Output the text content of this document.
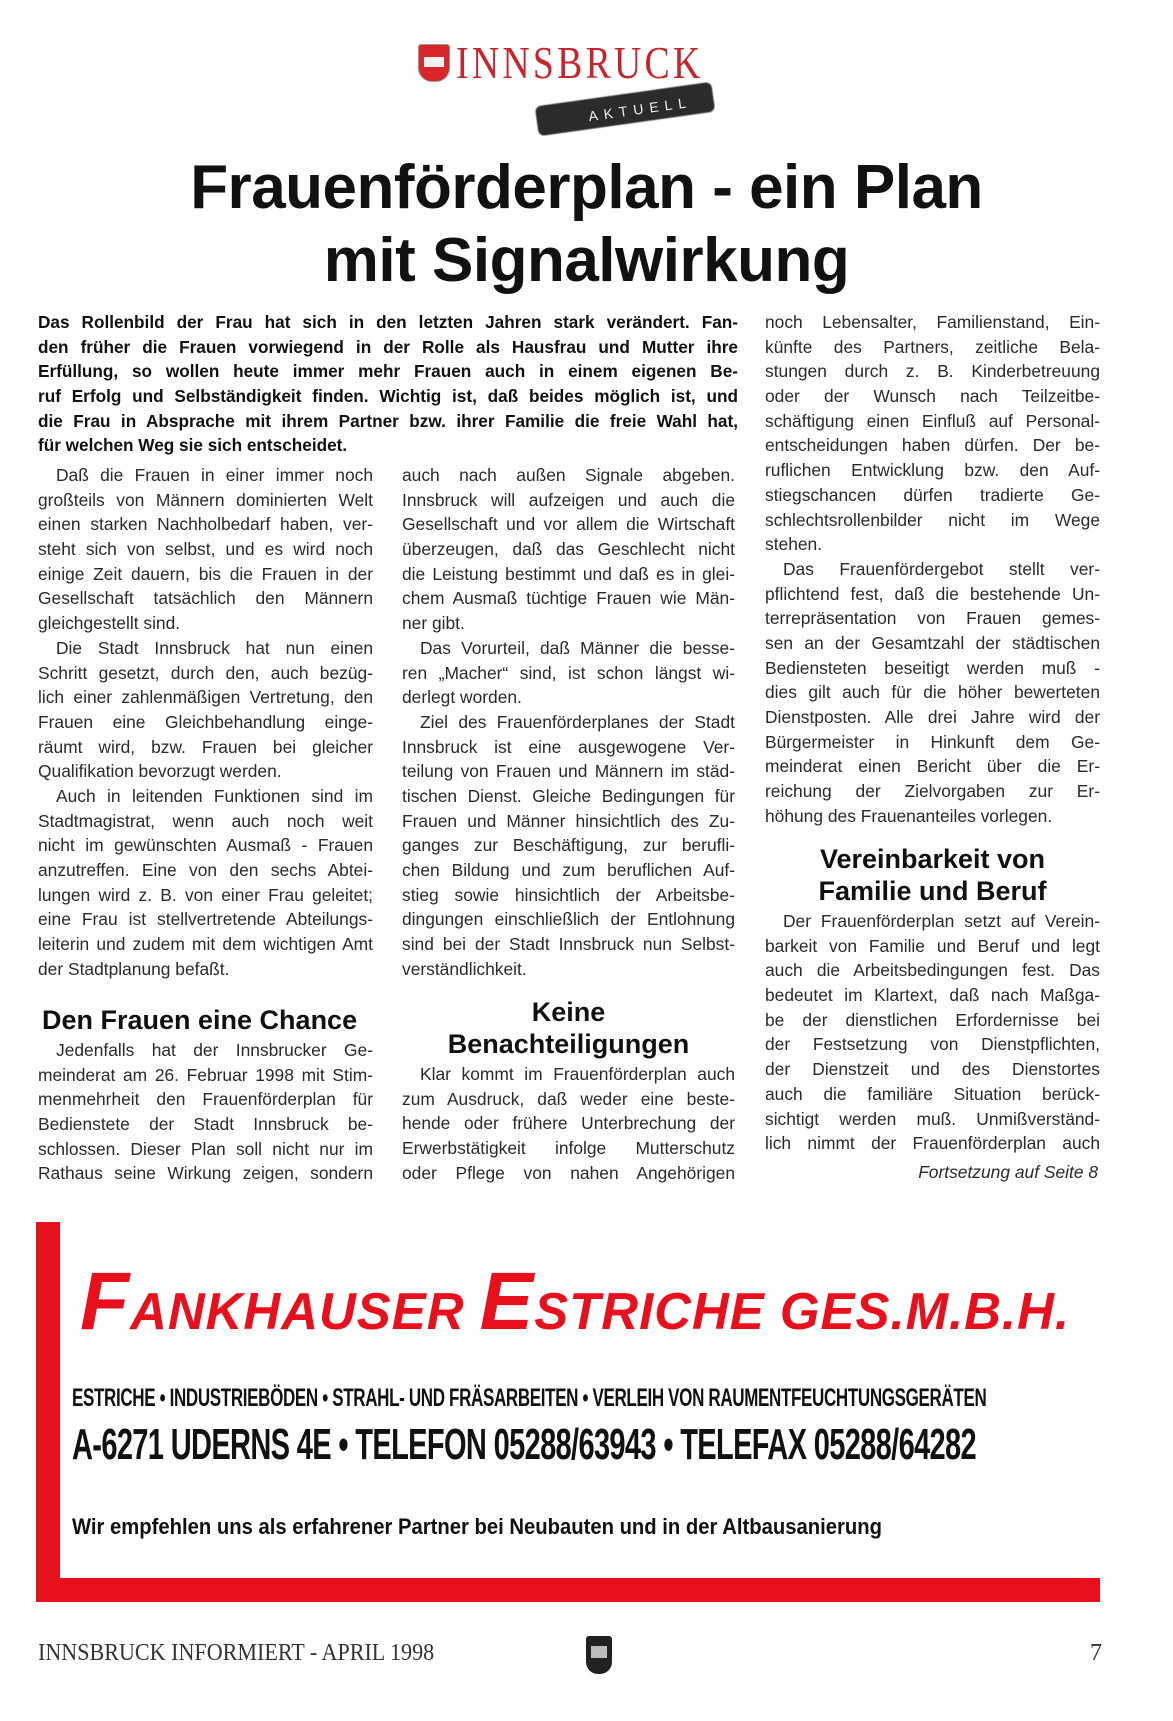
INNSBRUCK
AKTUELL
Frauenförderplan - ein Plan
mit Signalwirkung
Das Rollenbild der Frau hat sich in den letzten Jahren stark verändert. Fan-
den früher die Frauen vorwiegend in der Rolle als Hausfrau und Mutter ihre
Erfüllung, so wollen heute immer mehr Frauen auch in einem eigenen Be-
ruf Erfolg und Selbständigkeit finden. Wichtig ist, daß beides möglich ist, und
die Frau in Absprache mit ihrem Partner bzw. ihrer Familie die freie Wahl hat,
für welchen Weg sie sich entscheidet.
Daß die Frauen in einer immer noch
großteils von Männern dominierten Welt
einen starken Nachholbedarf haben, ver-
steht sich von selbst, und es wird noch
einige Zeit dauern, bis die Frauen in der
Gesellschaft tatsächlich den Männern
gleichgestellt sind.
Die Stadt Innsbruck hat nun einen
Schritt gesetzt, durch den, auch bezüg-
lich einer zahlenmäßigen Vertretung, den
Frauen eine Gleichbehandlung einge-
räumt wird, bzw. Frauen bei gleicher
Qualifikation bevorzugt werden.
Auch in leitenden Funktionen sind im
Stadtmagistrat, wenn auch noch weit
nicht im gewünschten Ausmaß - Frauen
anzutreffen. Eine von den sechs Abtei-
lungen wird z. B. von einer Frau geleitet;
eine Frau ist stellvertretende Abteilungs-
leiterin und zudem mit dem wichtigen Amt
der Stadtplanung befaßt.
Den Frauen eine Chance
Jedenfalls hat der Innsbrucker Ge-
meinderat am 26. Februar 1998 mit Stim-
menmehrheit den Frauenförderplan für
Bedienstete der Stadt Innsbruck be-
schlossen. Dieser Plan soll nicht nur im
Rathaus seine Wirkung zeigen, sondern
auch nach außen Signale abgeben.
Innsbruck will aufzeigen und auch die
Gesellschaft und vor allem die Wirtschaft
überzeugen, daß das Geschlecht nicht
die Leistung bestimmt und daß es in glei-
chem Ausmaß tüchtige Frauen wie Män-
ner gibt.
Das Vorurteil, daß Männer die besse-
ren „Macher“ sind, ist schon längst wi-
derlegt worden.
Ziel des Frauenförderplanes der Stadt
Innsbruck ist eine ausgewogene Ver-
teilung von Frauen und Männern im städ-
tischen Dienst. Gleiche Bedingungen für
Frauen und Männer hinsichtlich des Zu-
ganges zur Beschäftigung, zur berufli-
chen Bildung und zum beruflichen Auf-
stieg sowie hinsichtlich der Arbeitsbe-
dingungen einschließlich der Entlohnung
sind bei der Stadt Innsbruck nun Selbst-
verständlichkeit.
Keine
Benachteiligungen
Klar kommt im Frauenförderplan auch
zum Ausdruck, daß weder eine beste-
hende oder frühere Unterbrechung der
Erwerbstätigkeit infolge Mutterschutz
oder Pflege von nahen Angehörigen
noch Lebensalter, Familienstand, Ein-
künfte des Partners, zeitliche Bela-
stungen durch z. B. Kinderbetreuung
oder der Wunsch nach Teilzeitbe-
schäftigung einen Einfluß auf Personal-
entscheidungen haben dürfen. Der be-
ruflichen Entwicklung bzw. den Auf-
stiegschancen dürfen tradierte Ge-
schlechtsrollenbilder nicht im Wege
stehen.
Das Frauenfördergebot stellt ver-
pflichtend fest, daß die bestehende Un-
terrepräsentation von Frauen gemes-
sen an der Gesamtzahl der städtischen
Bediensteten beseitigt werden muß -
dies gilt auch für die höher bewerteten
Dienstposten. Alle drei Jahre wird der
Bürgermeister in Hinkunft dem Ge-
meinderat einen Bericht über die Er-
reichung der Zielvorgaben zur Er-
höhung des Frauenanteiles vorlegen.
Vereinbarkeit von
Familie und Beruf
Der Frauenförderplan setzt auf Verein-
barkeit von Familie und Beruf und legt
auch die Arbeitsbedingungen fest. Das
bedeutet im Klartext, daß nach Maßga-
be der dienstlichen Erfordernisse bei
der Festsetzung von Dienstpflichten,
der Dienstzeit und des Dienstortes
auch die familiäre Situation berück-
sichtigt werden muß. Unmißverständ-
lich nimmt der Frauenförderplan auch
Fortsetzung auf Seite 8
FANKHAUSER ESTRICHE GES.M.B.H.
ESTRICHE • INDUSTRIEBÖDEN • STRAHL- UND FRÄSARBEITEN • VERLEIH VON RAUMENTFEUCHTUNGSGERÄTEN
A-6271 UDERNS 4E • TELEFON 05288/63943 • TELEFAX 05288/64282
Wir empfehlen uns als erfahrener Partner bei Neubauten und in der Altbausanierung
INNSBRUCK INFORMIERT - APRIL 1998	7
